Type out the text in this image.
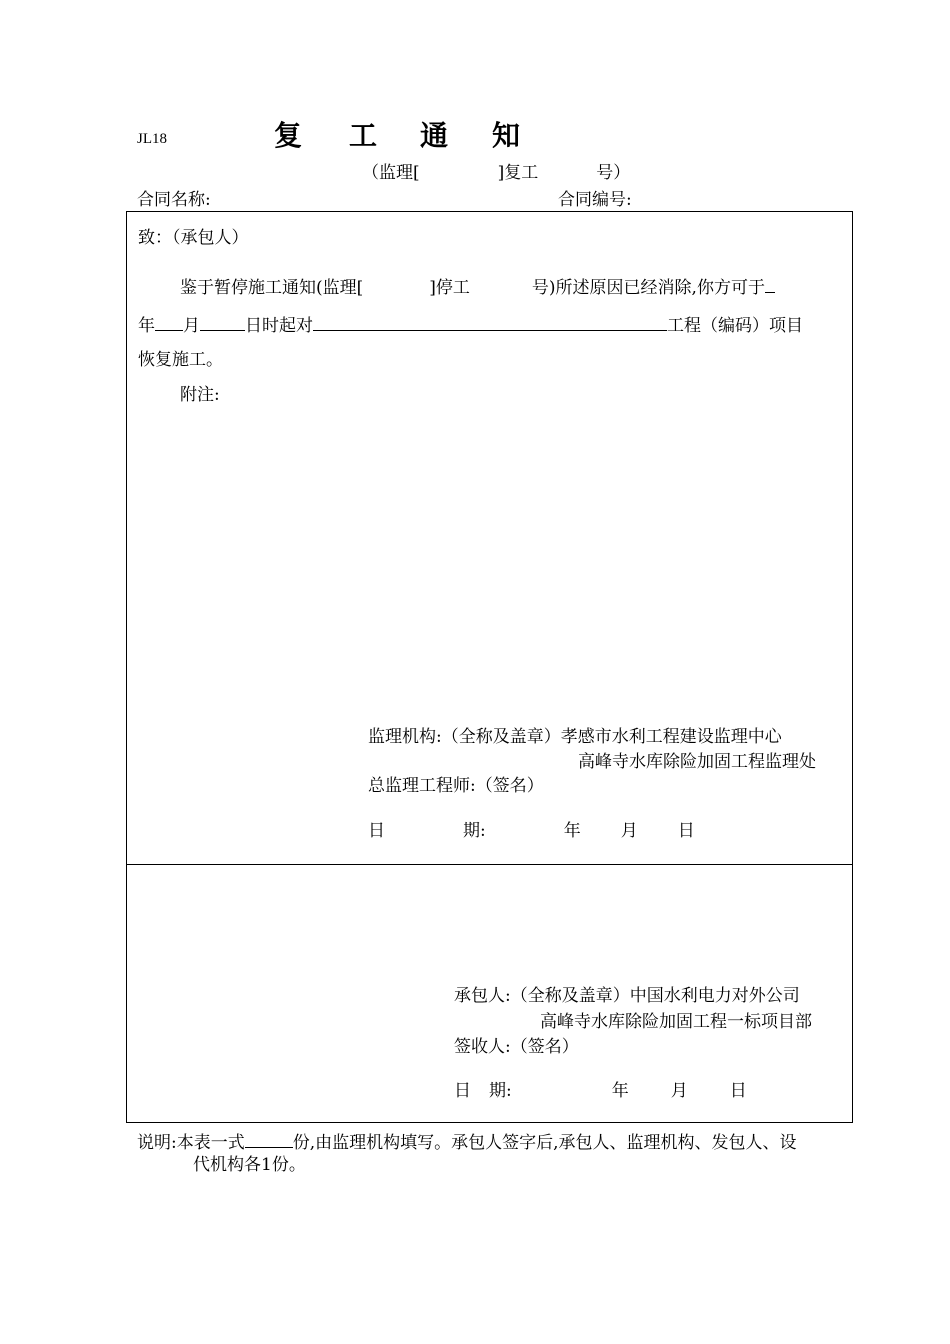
JL18	复 工 通 知
（监理[	]复工	号）
合同名称:	合同编号:
致：（承包人）
鉴于暂停施工通知(监理[	]停工	号)所述原因已经消除,你方可于
年 月	日时起对	工程（编码）项目
恢复施工。
附注:
监理机构:（全称及盖章）孝感市水利工程建设监理中心
高峰寺水库除险加固工程监理处
总监理工程师:（签名）
日	期:	年 月 日
承包人:（全称及盖章）中国水利电力对外公司
高峰寺水库除险加固工程一标项目部
签收人:（签名）
日 期:	年 月 日
说明:本表一式	份,由监理机构填写。承包人签字后,承包人、监理机构、发包人、设
代机构各1份。
